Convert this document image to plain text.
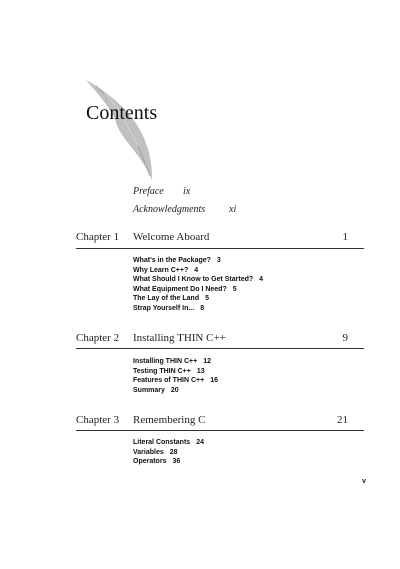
Contents
Preface ix
Acknowledgments xi
Chapter 1 Welcome Aboard	1
What's in the Package? 3
Why Learn C++? 4
What Should I Know to Get Started? 4
What Equipment Do I Need? 5
The Lay of the Land 5
Strap Yourself In... 8
Chapter 2 Installing THIN C++	9
Installing THIN C++ 12
Testing THIN C++ 13
Features of THIN C++ 16
Summary 20
Chapter 3 Remembering C	21
Literal Constants 24
Variables 28
Operators 36
v
